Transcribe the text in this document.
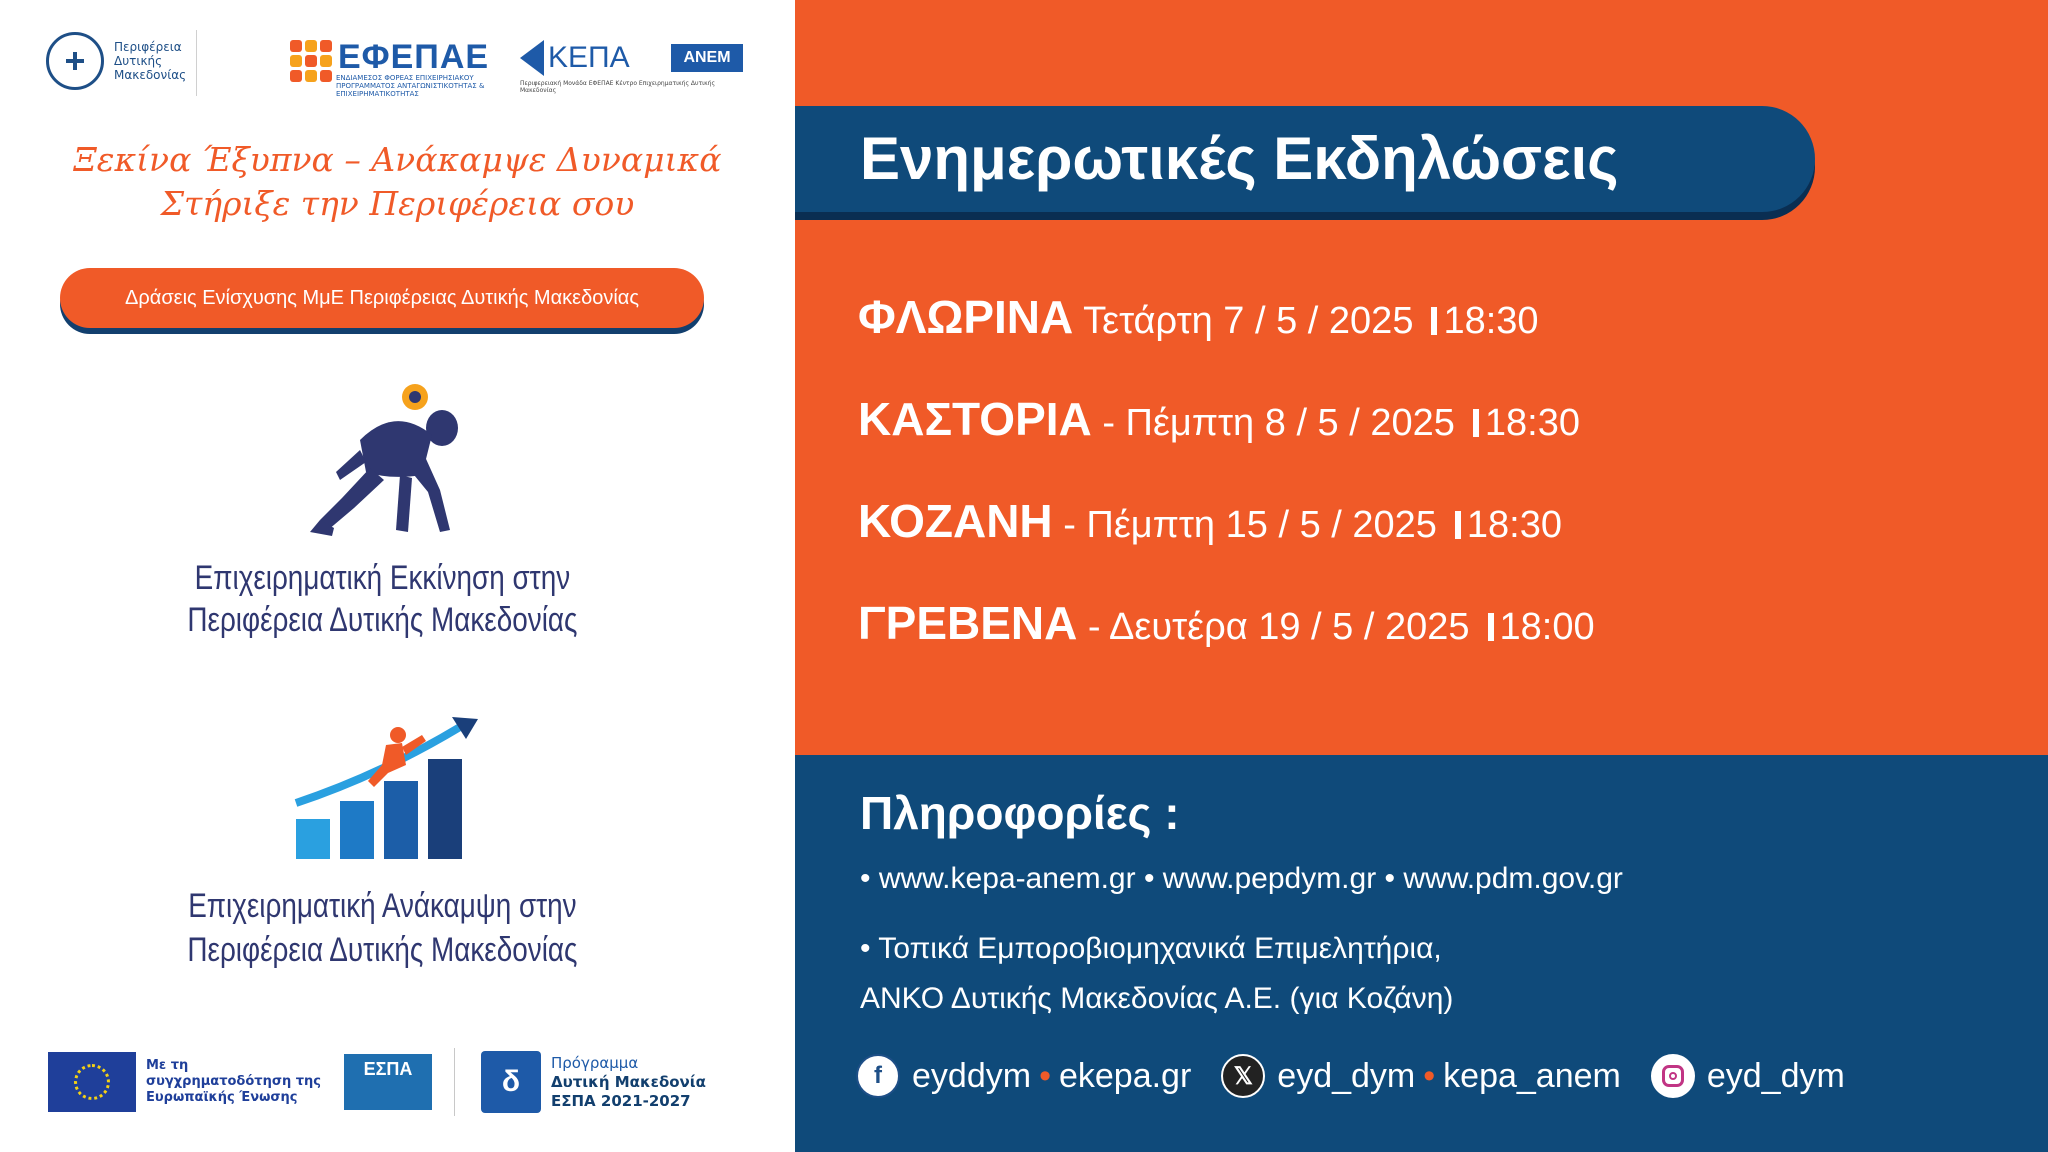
Περιφέρεια Δυτικής Μακεδονίας	ΕΦΕΠΑΕ
ΕΝΔΙΑΜΕΣΟΣ ΦΟΡΕΑΣ ΕΠΙΧΕΙΡΗΣΙΑΚΟΥ ΠΡΟΓΡΑΜΜΑΤΟΣ ΑΝΤΑΓΩΝΙΣΤΙΚΟΤΗΤΑΣ & ΕΠΙΧΕΙΡΗΜΑΤΙΚΟΤΗΤΑΣ
ΚΕΠΑ	ΑΝΕΜ
Περιφερειακή Μονάδα ΕΦΕΠΑΕ Κέντρο Επιχειρηματικής Δυτικής Μακεδονίας
Ξεκίνα Έξυπνα – Ανάκαμψε Δυναμικά
Στήριξε την Περιφέρεια σου
Δράσεις Ενίσχυσης ΜμΕ Περιφέρειας Δυτικής Μακεδονίας
Επιχειρηματική Εκκίνηση στην
Περιφέρεια Δυτικής Μακεδονίας
Επιχειρηματική Ανάκαμψη στην
Περιφέρεια Δυτικής Μακεδονίας
Με τη συγχρηματοδότηση της Ευρωπαϊκής Ένωσης
ΕΣΠΑ	δ
Πρόγραμμα
Δυτική Μακεδονία
ΕΣΠΑ 2021-2027
Ενημερωτικές Εκδηλώσεις
ΦΛΩΡΙΝΑ Τετάρτη 7 / 5 / 2025 18:30
ΚΑΣΤΟΡΙΑ - Πέμπτη 8 / 5 / 2025 18:30
ΚΟΖΑΝΗ - Πέμπτη 15 / 5 / 2025 18:30
ΓΡΕΒΕΝΑ - Δευτέρα 19 / 5 / 2025 18:00
Πληροφορίες :
• www.kepa-anem.gr • www.pepdym.gr • www.pdm.gov.gr
• Τοπικά Εμποροβιομηχανικά Επιμελητήρια,
ΑΝΚΟ Δυτικής Μακεδονίας Α.Ε. (για Κοζάνη)
f eyddym • ekepa.gr	𝕏 eyd_dym • kepa_anem	eyd_dym
